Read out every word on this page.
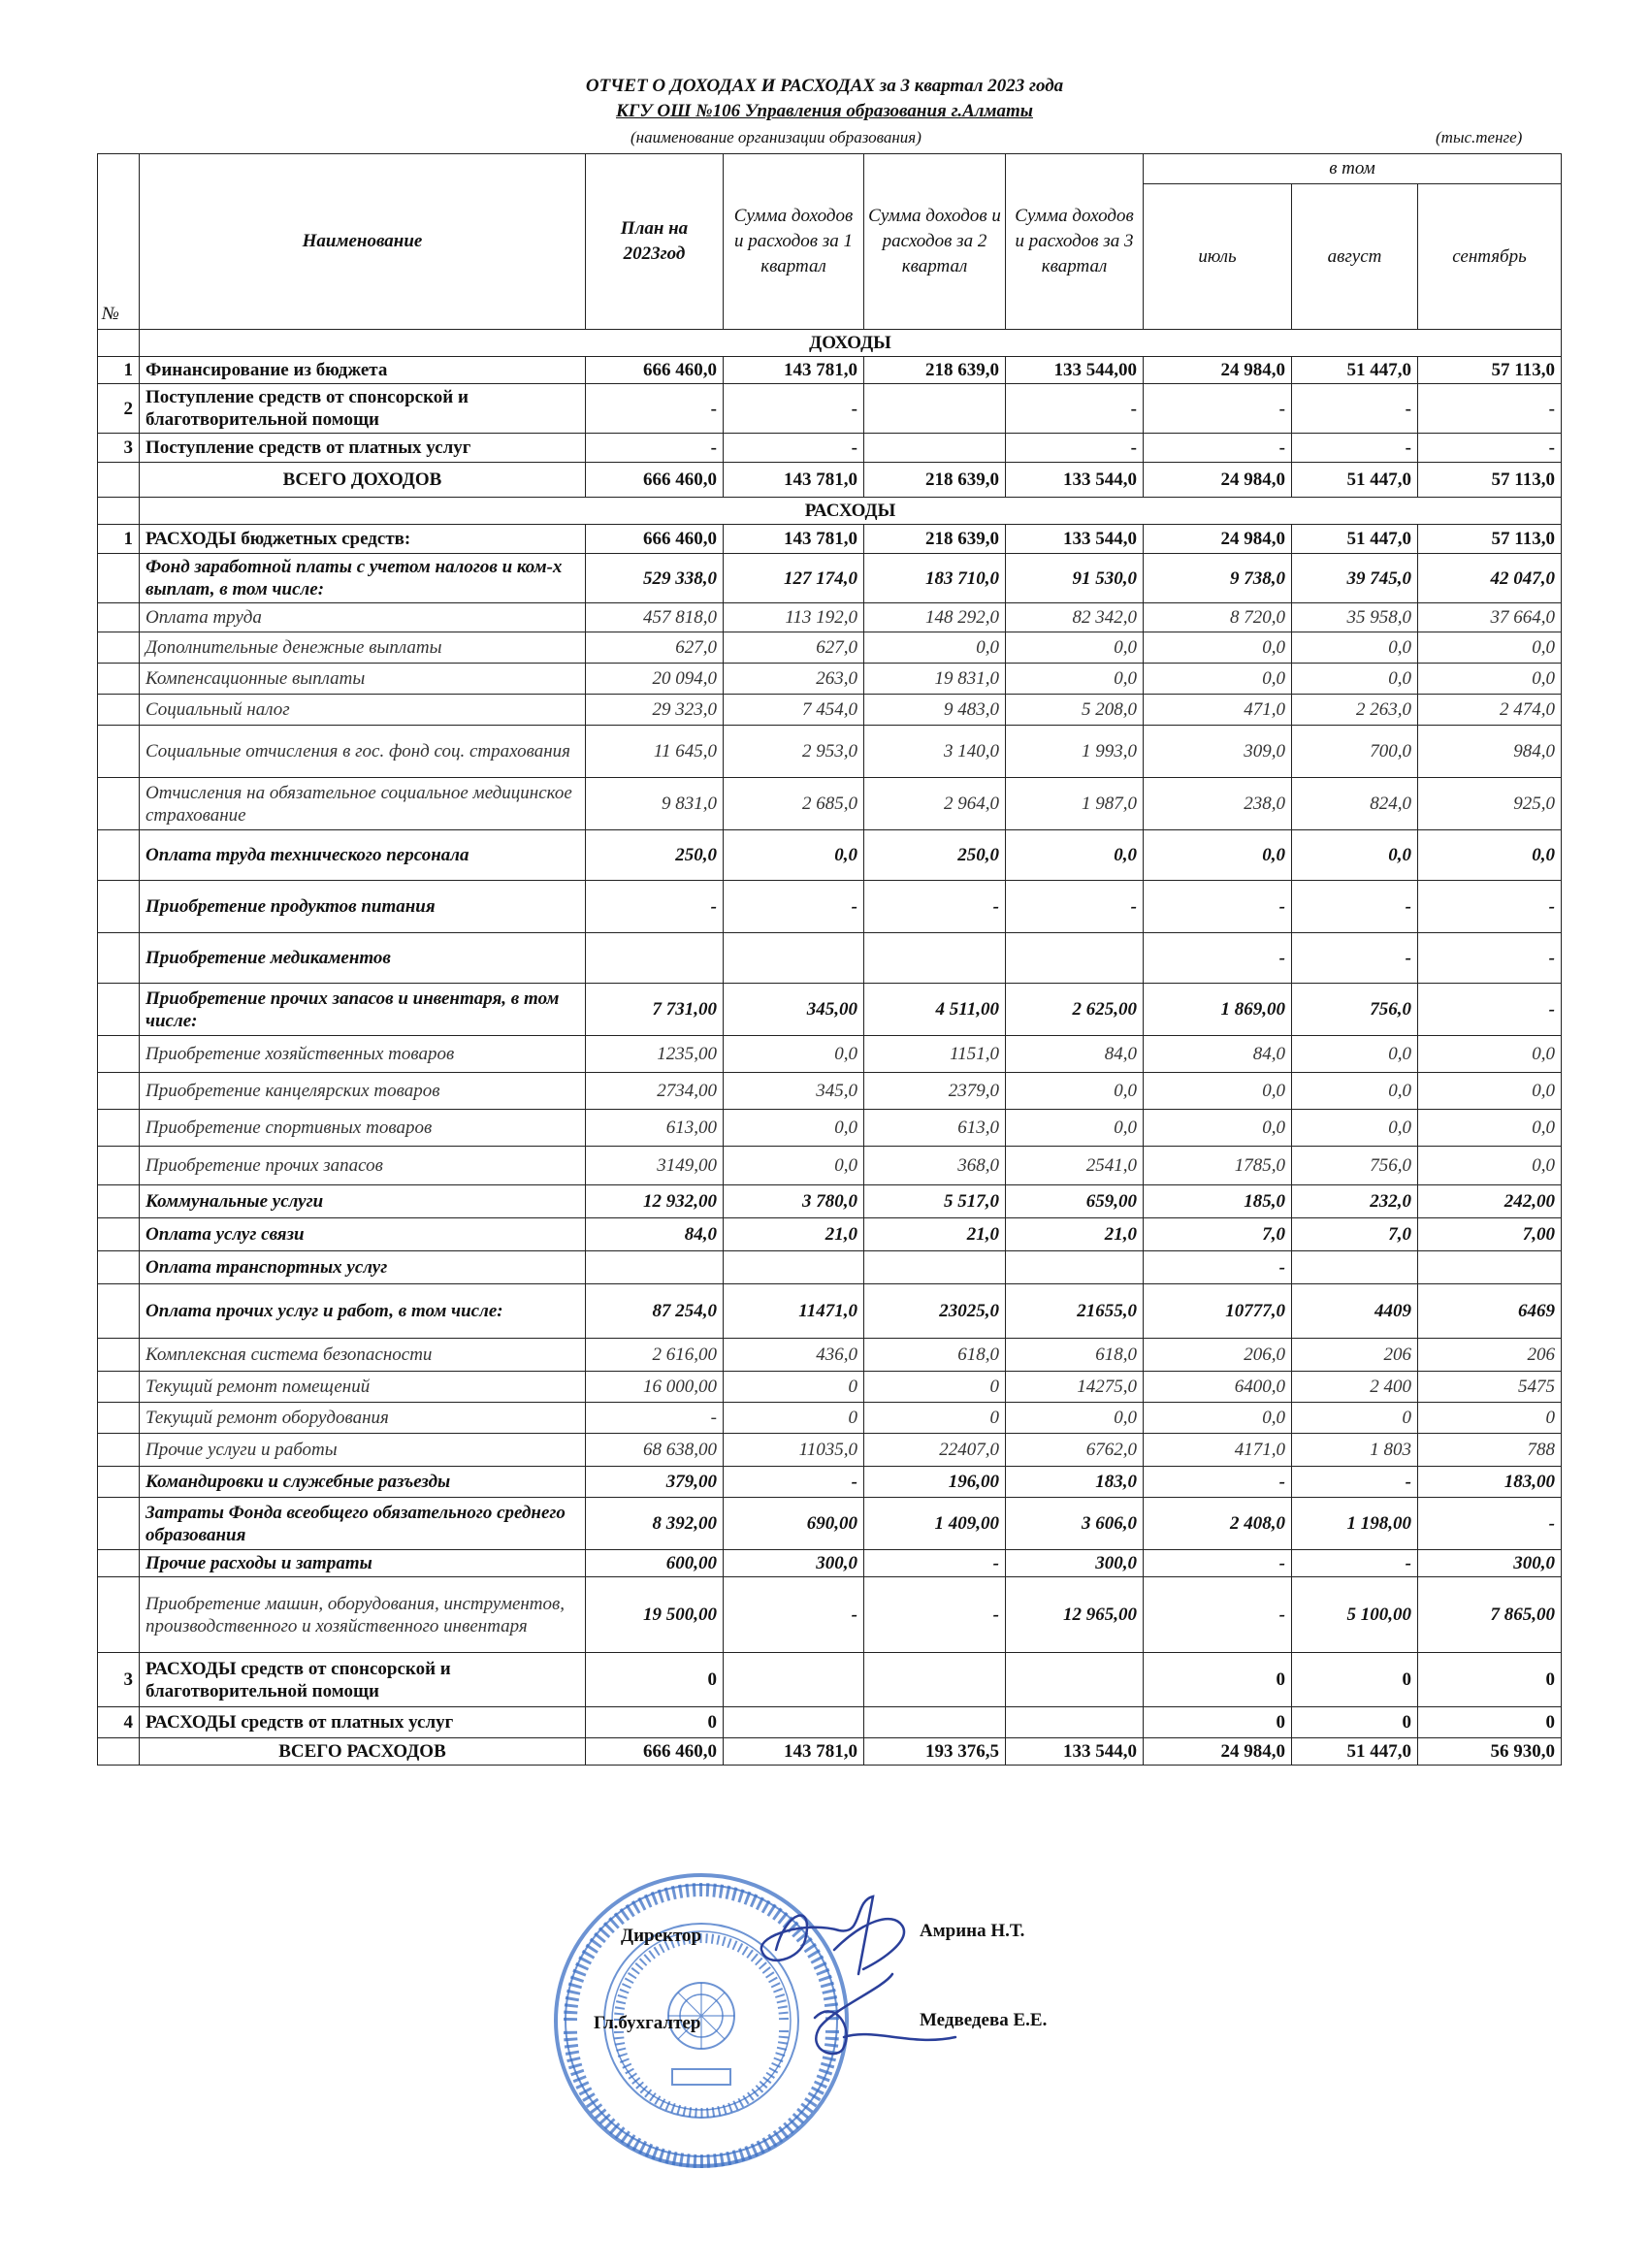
ОТЧЕТ О ДОХОДАХ И РАСХОДАХ за 3 квартал 2023 года
КГУ ОШ №106 Управления образования г.Алматы
(наименование организации образования)	(тыс.тенге)
№	Наименование	План на 2023год	Сумма доходов и расходов за 1 квартал	Сумма доходов и расходов за 2 квартал	Сумма доходов и расходов за 3 квартал	в том		
						июль	август	сентябрь
	ДОХОДЫ							
1	Финансирование из бюджета	666 460,0	143 781,0	218 639,0	133 544,00	24 984,0	51 447,0	57 113,0
2	Поступление средств от спонсорской и благотворительной помощи	-	-		-	-	-	-
3	Поступление средств от платных услуг	-	-		-	-	-	-
	ВСЕГО ДОХОДОВ	666 460,0	143 781,0	218 639,0	133 544,0	24 984,0	51 447,0	57 113,0
	РАСХОДЫ							
1	РАСХОДЫ бюджетных средств:	666 460,0	143 781,0	218 639,0	133 544,0	24 984,0	51 447,0	57 113,0
	Фонд заработной платы с учетом налогов и ком-х выплат, в том числе:	529 338,0	127 174,0	183 710,0	91 530,0	9 738,0	39 745,0	42 047,0
	Оплата труда	457 818,0	113 192,0	148 292,0	82 342,0	8 720,0	35 958,0	37 664,0
	Дополнительные денежные выплаты	627,0	627,0	0,0	0,0	0,0	0,0	0,0
	Компенсационные выплаты	20 094,0	263,0	19 831,0	0,0	0,0	0,0	0,0
	Социальный налог	29 323,0	7 454,0	9 483,0	5 208,0	471,0	2 263,0	2 474,0
	Социальные отчисления в гос. фонд соц. страхования	11 645,0	2 953,0	3 140,0	1 993,0	309,0	700,0	984,0
	Отчисления на обязательное социальное медицинское страхование	9 831,0	2 685,0	2 964,0	1 987,0	238,0	824,0	925,0
	Оплата труда технического персонала	250,0	0,0	250,0	0,0	0,0	0,0	0,0
	Приобретение продуктов питания	-	-	-	-	-	-	-
	Приобретение медикаментов					-	-	-
	Приобретение прочих запасов и инвентаря, в том числе:	7 731,00	345,00	4 511,00	2 625,00	1 869,00	756,0	-
	Приобретение хозяйственных товаров	1235,00	0,0	1151,0	84,0	84,0	0,0	0,0
	Приобретение канцелярских товаров	2734,00	345,0	2379,0	0,0	0,0	0,0	0,0
	Приобретение спортивных товаров	613,00	0,0	613,0	0,0	0,0	0,0	0,0
	Приобретение прочих запасов	3149,00	0,0	368,0	2541,0	1785,0	756,0	0,0
	Коммунальные услуги	12 932,00	3 780,0	5 517,0	659,00	185,0	232,0	242,00
	Оплата услуг связи	84,0	21,0	21,0	21,0	7,0	7,0	7,00
	Оплата транспортных услуг					-		
	Оплата прочих услуг и работ, в том числе:	87 254,0	11471,0	23025,0	21655,0	10777,0	4409	6469
	Комплексная система безопасности	2 616,00	436,0	618,0	618,0	206,0	206	206
	Текущий ремонт помещений	16 000,00	0	0	14275,0	6400,0	2 400	5475
	Текущий ремонт оборудования	-	0	0	0,0	0,0	0	0
	Прочие услуги и работы	68 638,00	11035,0	22407,0	6762,0	4171,0	1 803	788
	Командировки и служебные разъезды	379,00	-	196,00	183,0	-	-	183,00
	Затраты Фонда всеобщего обязательного среднего образования	8 392,00	690,00	1 409,00	3 606,0	2 408,0	1 198,00	-
	Прочие расходы и затраты	600,00	300,0	-	300,0	-	-	300,0
	Приобретение машин, оборудования, инструментов, производственного и хозяйственного инвентаря	19 500,00	-	-	12 965,00	-	5 100,00	7 865,00
3	РАСХОДЫ средств от спонсорской и благотворительной помощи	0				0	0	0
4	РАСХОДЫ средств от платных услуг	0				0	0	0
	ВСЕГО РАСХОДОВ	666 460,0	143 781,0	193 376,5	133 544,0	24 984,0	51 447,0	56 930,0
Директор	Амрина Н.Т.
Гл.бухгалтер	Медведева Е.Е.
